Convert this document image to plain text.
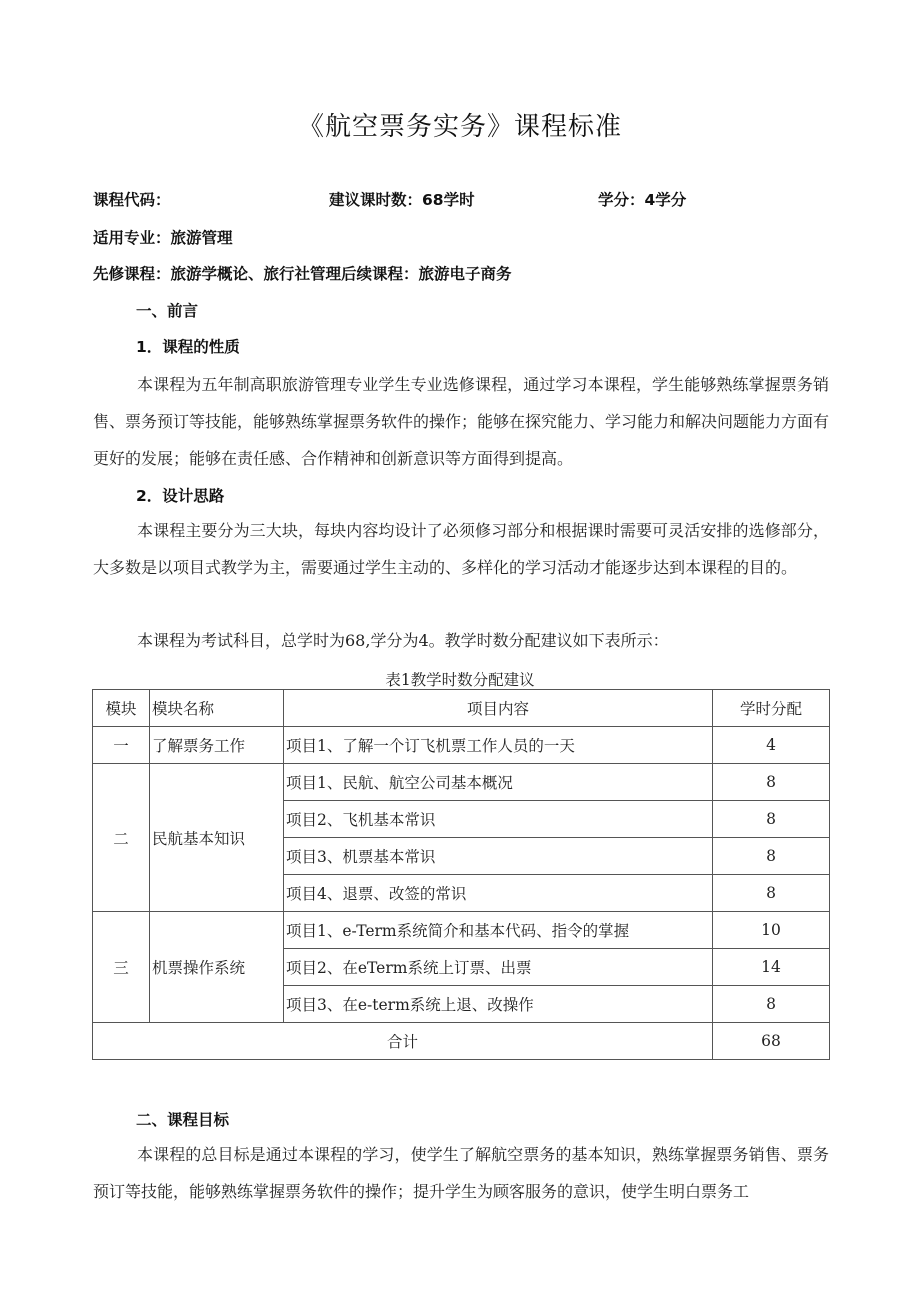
《航空票务实务》课程标准
课程代码：	建议课时数：68学时	学分：4学分
适用专业：旅游管理
先修课程：旅游学概论、旅行社管理后续课程：旅游电子商务
一、前言
1．课程的性质
本课程为五年制高职旅游管理专业学生专业选修课程，通过学习本课程，学生能够熟练掌握票务销售、票务预订等技能，能够熟练掌握票务软件的操作；能够在探究能力、学习能力和解决问题能力方面有更好的发展；能够在责任感、合作精神和创新意识等方面得到提高。
2．设计思路
本课程主要分为三大块，每块内容均设计了必须修习部分和根据课时需要可灵活安排的选修部分，大多数是以项目式教学为主，需要通过学生主动的、多样化的学习活动才能逐步达到本课程的目的。
本课程为考试科目，总学时为68,学分为4。教学时数分配建议如下表所示：
表1教学时数分配建议
模块	模块名称	项目内容	学时分配
一	了解票务工作	项目1、了解一个订飞机票工作人员的一天	4
二	民航基本知识	项目1、民航、航空公司基本概况	8
		项目2、飞机基本常识	8
		项目3、机票基本常识	8
		项目4、退票、改签的常识	8
三	机票操作系统	项目1、e-Term系统简介和基本代码、指令的掌握	10
		项目2、在eTerm系统上订票、出票	14
		项目3、在e-term系统上退、改操作	8
合计			68
二、课程目标
本课程的总目标是通过本课程的学习，使学生了解航空票务的基本知识，熟练掌握票务销售、票务预订等技能，能够熟练掌握票务软件的操作；提升学生为顾客服务的意识，使学生明白票务工
